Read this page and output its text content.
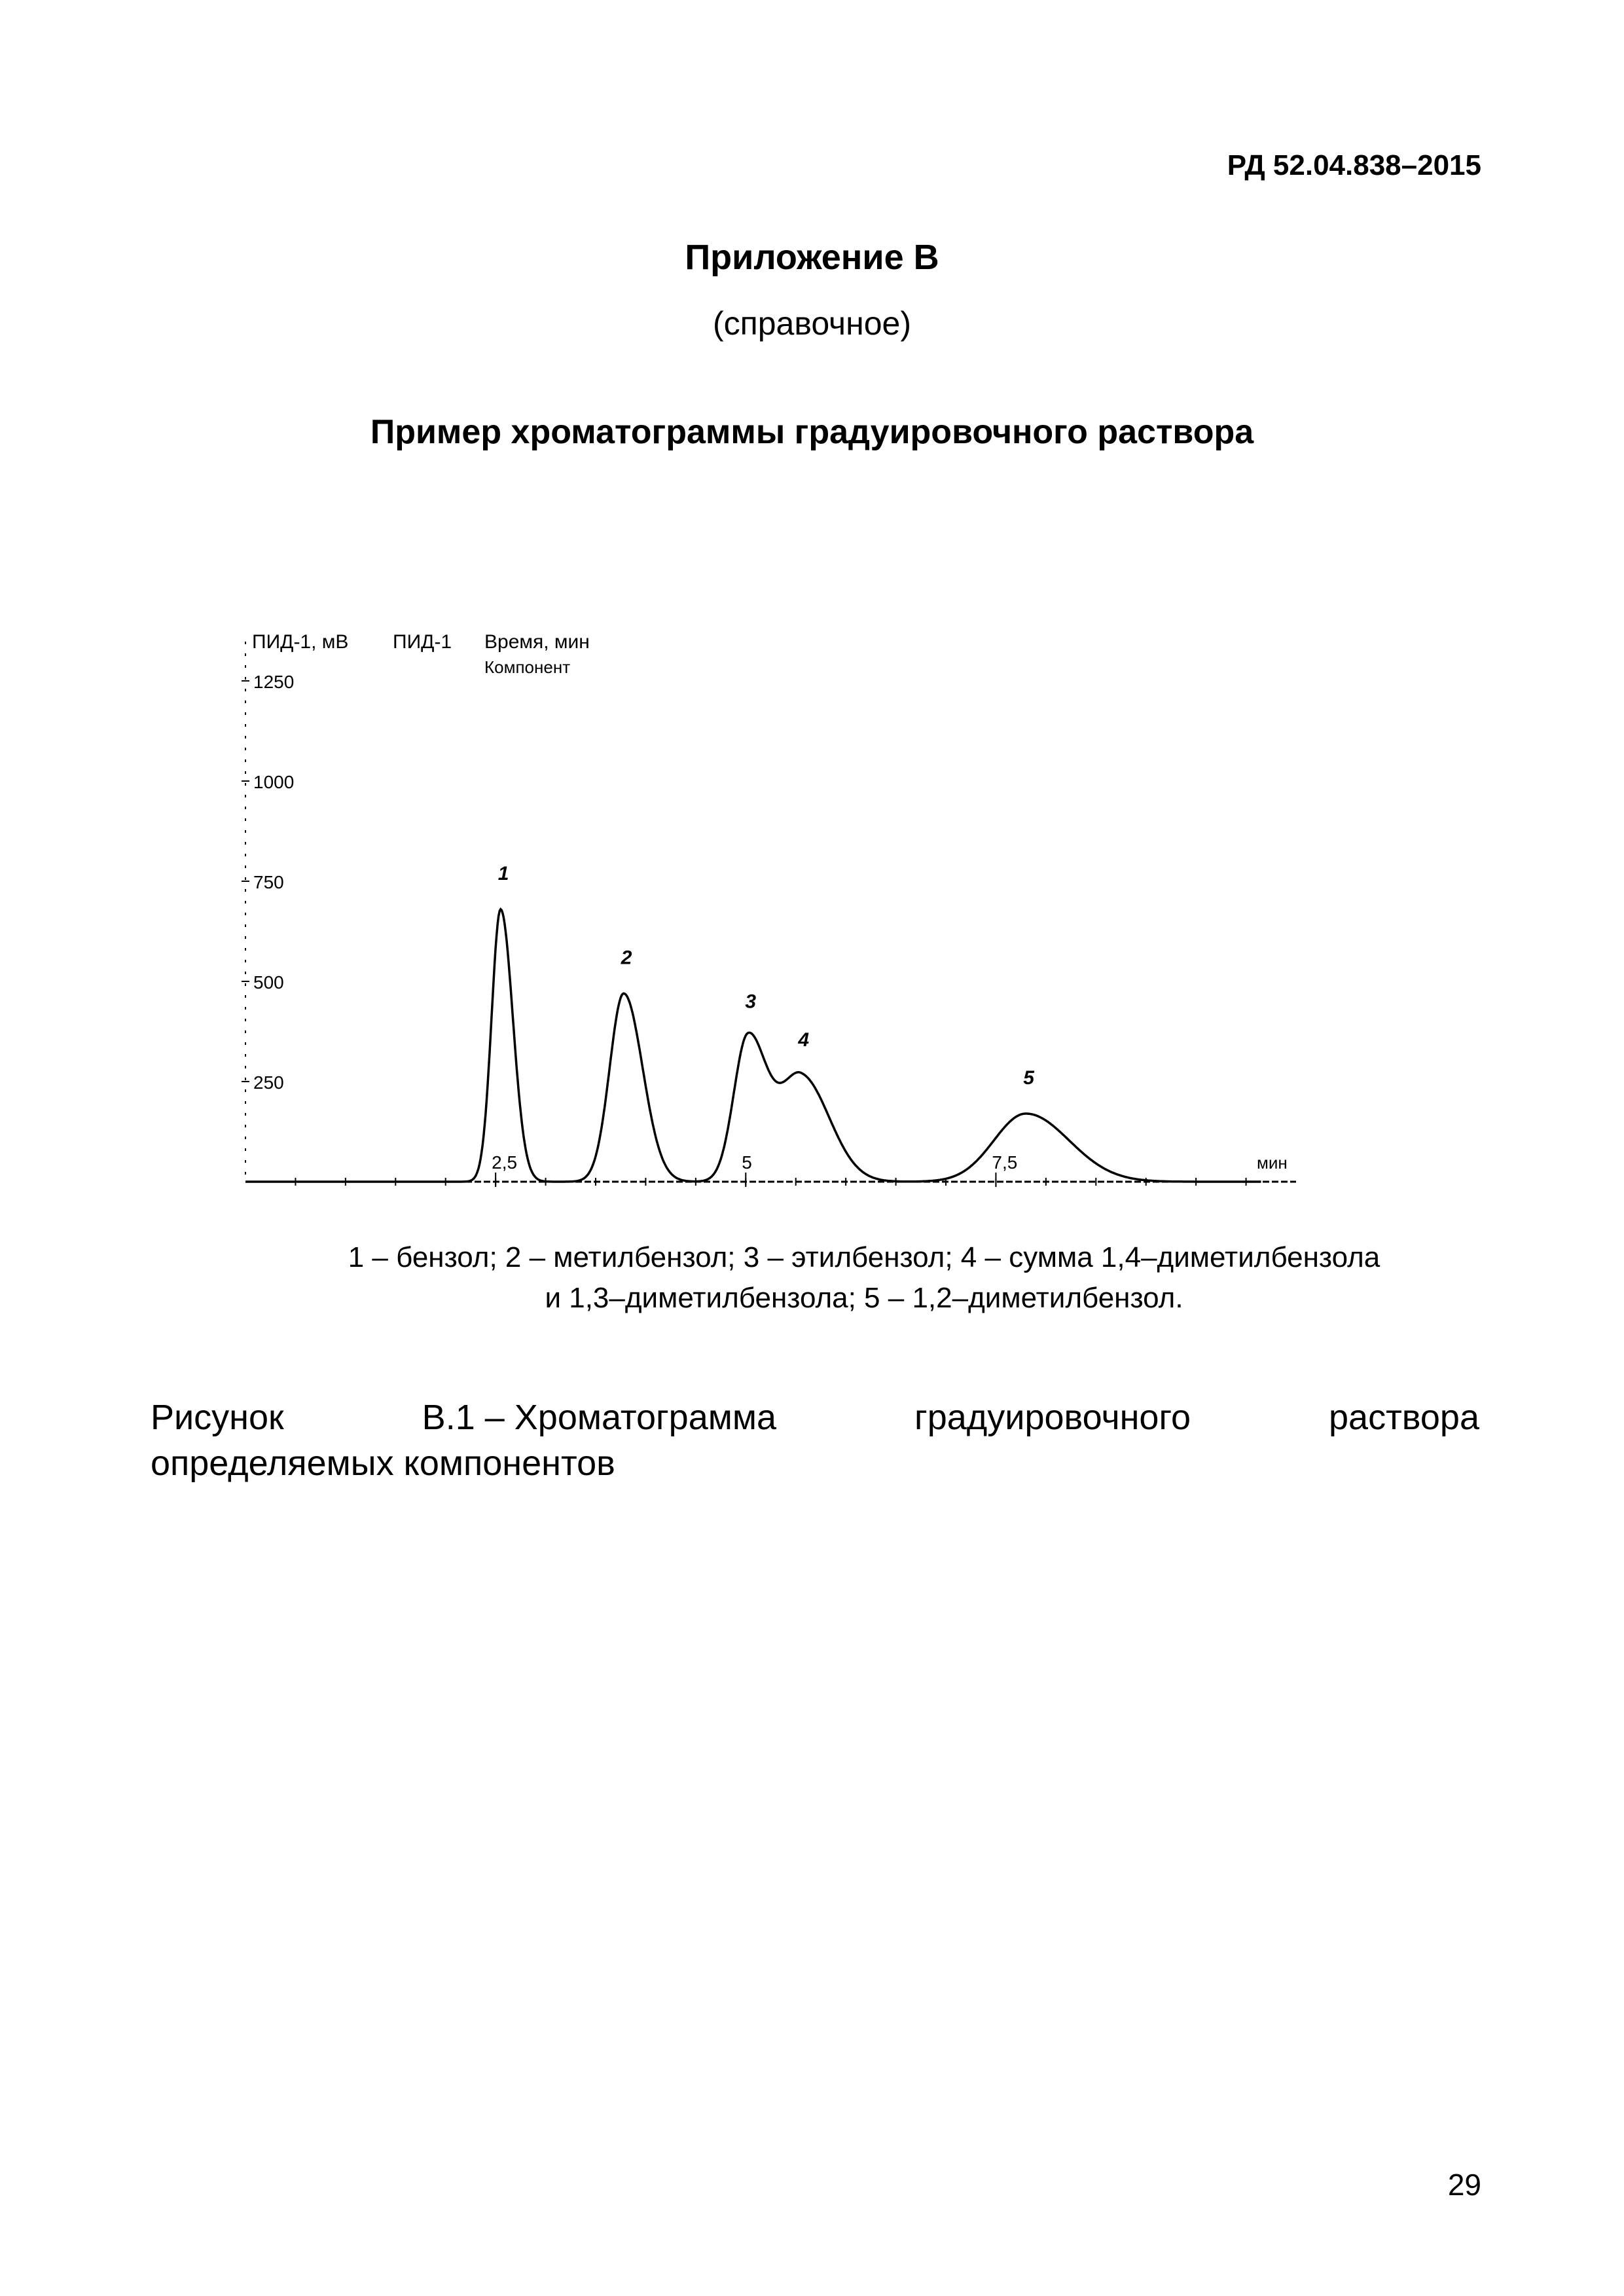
РД 52.04.838–2015
Приложение В
(справочное)
Пример хроматограммы градуировочного раствора
250
500
750
1000
1250
2,5	5	7,5	мин
ПИД-1, мВ ПИД-1 Время, мин
Компонент
1
2
3
4
5
1 – бензол; 2 – метилбензол; 3 – этилбензол; 4 – сумма 1,4–диметилбензола
и 1,3–диметилбензола; 5 – 1,2–диметилбензол.
Рисунок	В.1 – Хроматограмма	градуировочного	раствора
определяемых компонентов
29
